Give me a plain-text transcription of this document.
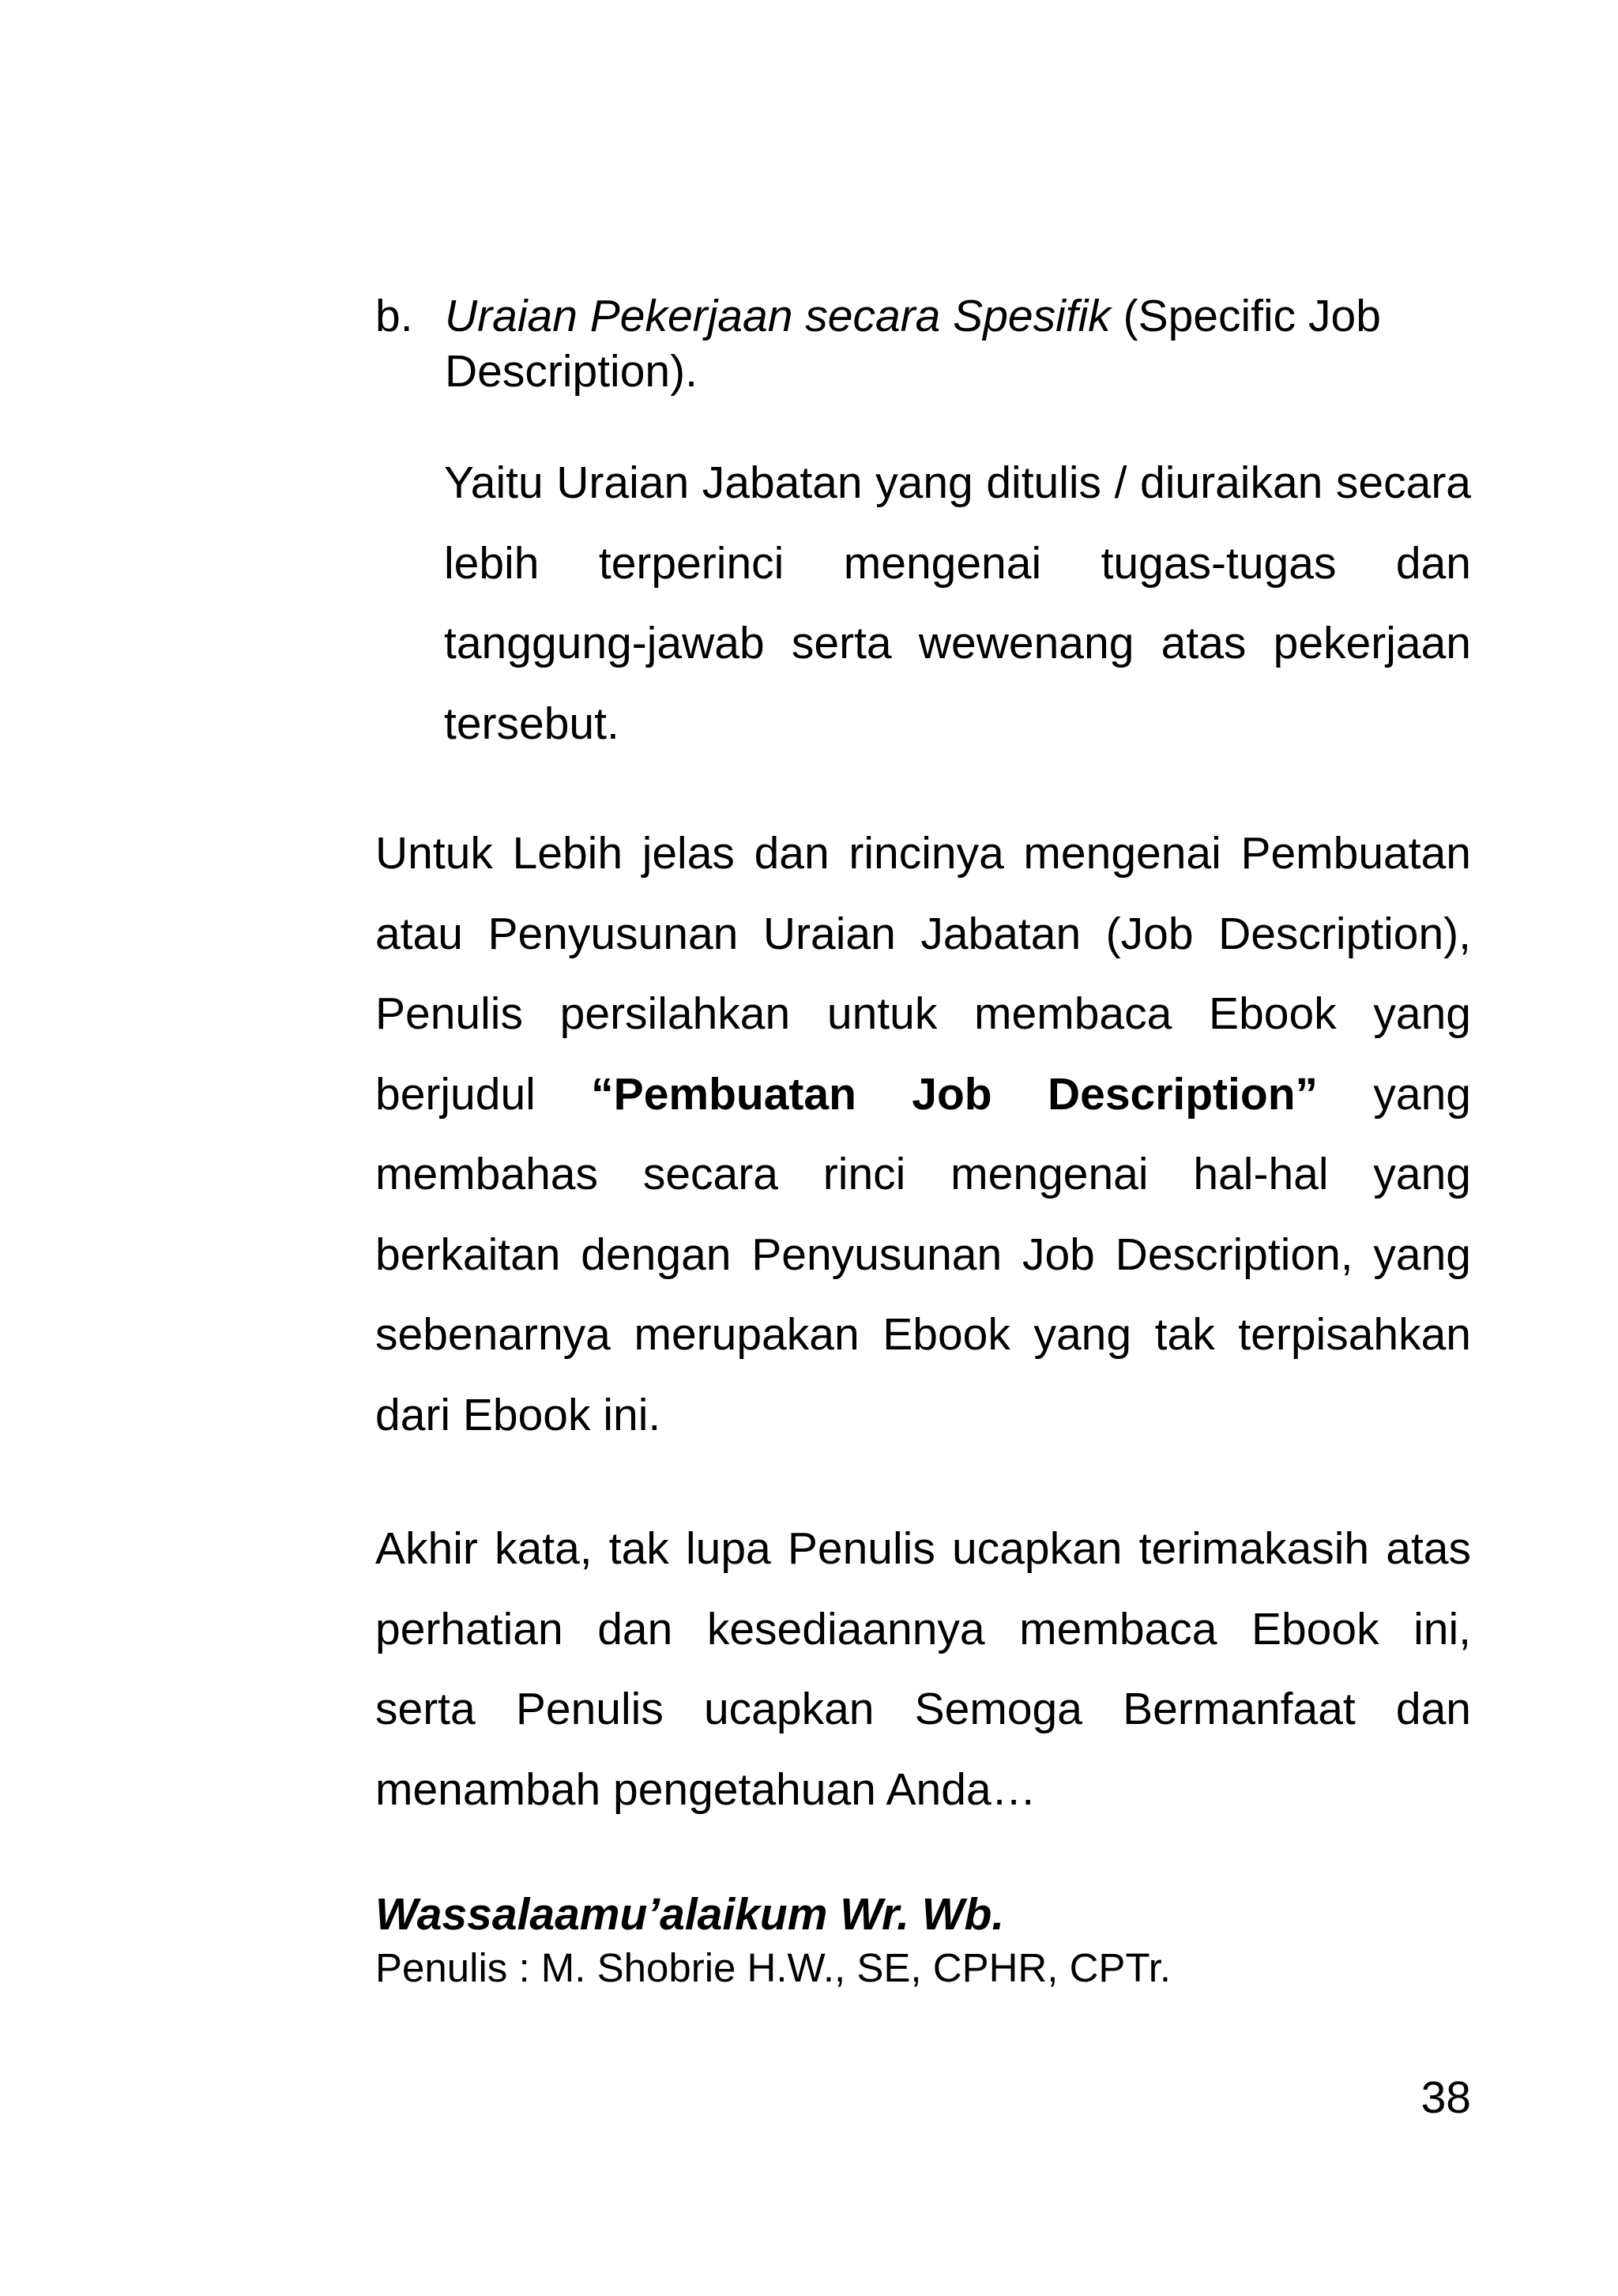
b. Uraian Pekerjaan secara Spesifik (Specific Job Description).
Yaitu Uraian Jabatan yang ditulis / diuraikan secara lebih terperinci mengenai tugas-tugas dan tanggung-jawab serta wewenang atas pekerjaan tersebut.
Untuk Lebih jelas dan rincinya mengenai Pembuatan atau Penyusunan Uraian Jabatan (Job Description), Penulis persilahkan untuk membaca Ebook yang berjudul “Pembuatan Job Description” yang membahas secara rinci mengenai hal-hal yang berkaitan dengan Penyusunan Job Description, yang sebenarnya merupakan Ebook yang tak terpisahkan dari Ebook ini.
Akhir kata, tak lupa Penulis ucapkan terimakasih atas perhatian dan kesediaannya membaca Ebook ini, serta Penulis ucapkan Semoga Bermanfaat dan menambah pengetahuan Anda…
Wassalaamu’alaikum Wr. Wb.
Penulis : M. Shobrie H.W., SE, CPHR, CPTr.
38
